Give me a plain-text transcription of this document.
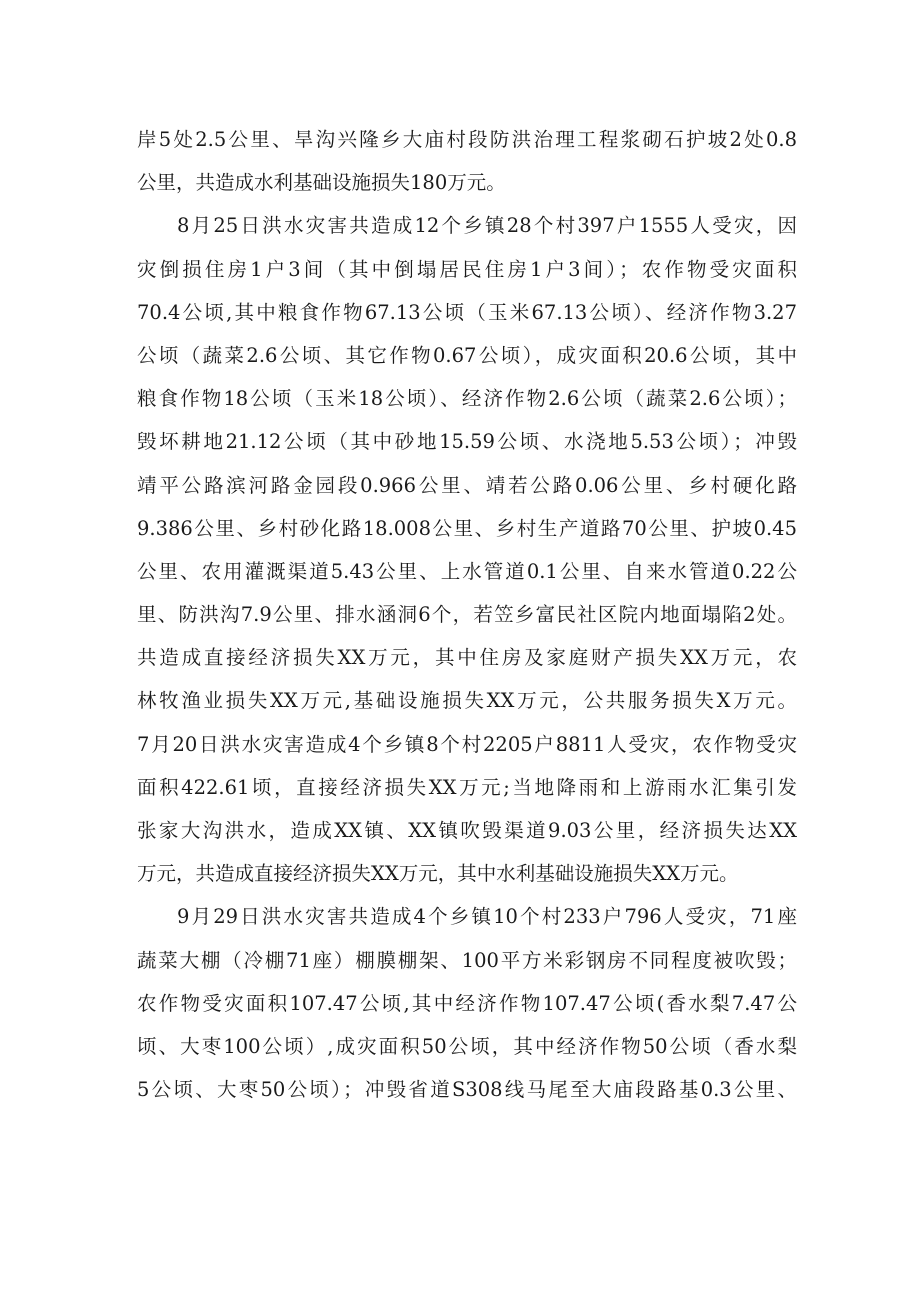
岸5处2.5公里、旱沟兴隆乡大庙村段防洪治理工程浆砌石护坡2处0.8
公里，共造成水利基础设施损失180万元。
8月25日洪水灾害共造成12个乡镇28个村397户1555人受灾，因
灾倒损住房1户3间（其中倒塌居民住房1户3间）；农作物受灾面积
70.4公顷,其中粮食作物67.13公顷（玉米67.13公顷）、经济作物3.27
公顷（蔬菜2.6公顷、其它作物0.67公顷），成灾面积20.6公顷，其中
粮食作物18公顷（玉米18公顷）、经济作物2.6公顷（蔬菜2.6公顷）；
毁坏耕地21.12公顷（其中砂地15.59公顷、水浇地5.53公顷）；冲毁
靖平公路滨河路金园段0.966公里、靖若公路0.06公里、乡村硬化路
9.386公里、乡村砂化路18.008公里、乡村生产道路70公里、护坡0.45
公里、农用灌溉渠道5.43公里、上水管道0.1公里、自来水管道0.22公
里、防洪沟7.9公里、排水涵洞6个，若笠乡富民社区院内地面塌陷2处。
共造成直接经济损失XX万元，其中住房及家庭财产损失XX万元，农
林牧渔业损失XX万元,基础设施损失XX万元，公共服务损失X万元。
7月20日洪水灾害造成4个乡镇8个村2205户8811人受灾，农作物受灾
面积422.61顷，直接经济损失XX万元;当地降雨和上游雨水汇集引发
张家大沟洪水，造成XX镇、XX镇吹毁渠道9.03公里，经济损失达XX
万元，共造成直接经济损失XX万元，其中水利基础设施损失XX万元。
9月29日洪水灾害共造成4个乡镇10个村233户796人受灾，71座
蔬菜大棚（冷棚71座）棚膜棚架、100平方米彩钢房不同程度被吹毁；
农作物受灾面积107.47公顷,其中经济作物107.47公顷(香水梨7.47公
顷、大枣100公顷）,成灾面积50公顷，其中经济作物50公顷（香水梨
5公顷、大枣50公顷）；冲毁省道S308线马尾至大庙段路基0.3公里、
